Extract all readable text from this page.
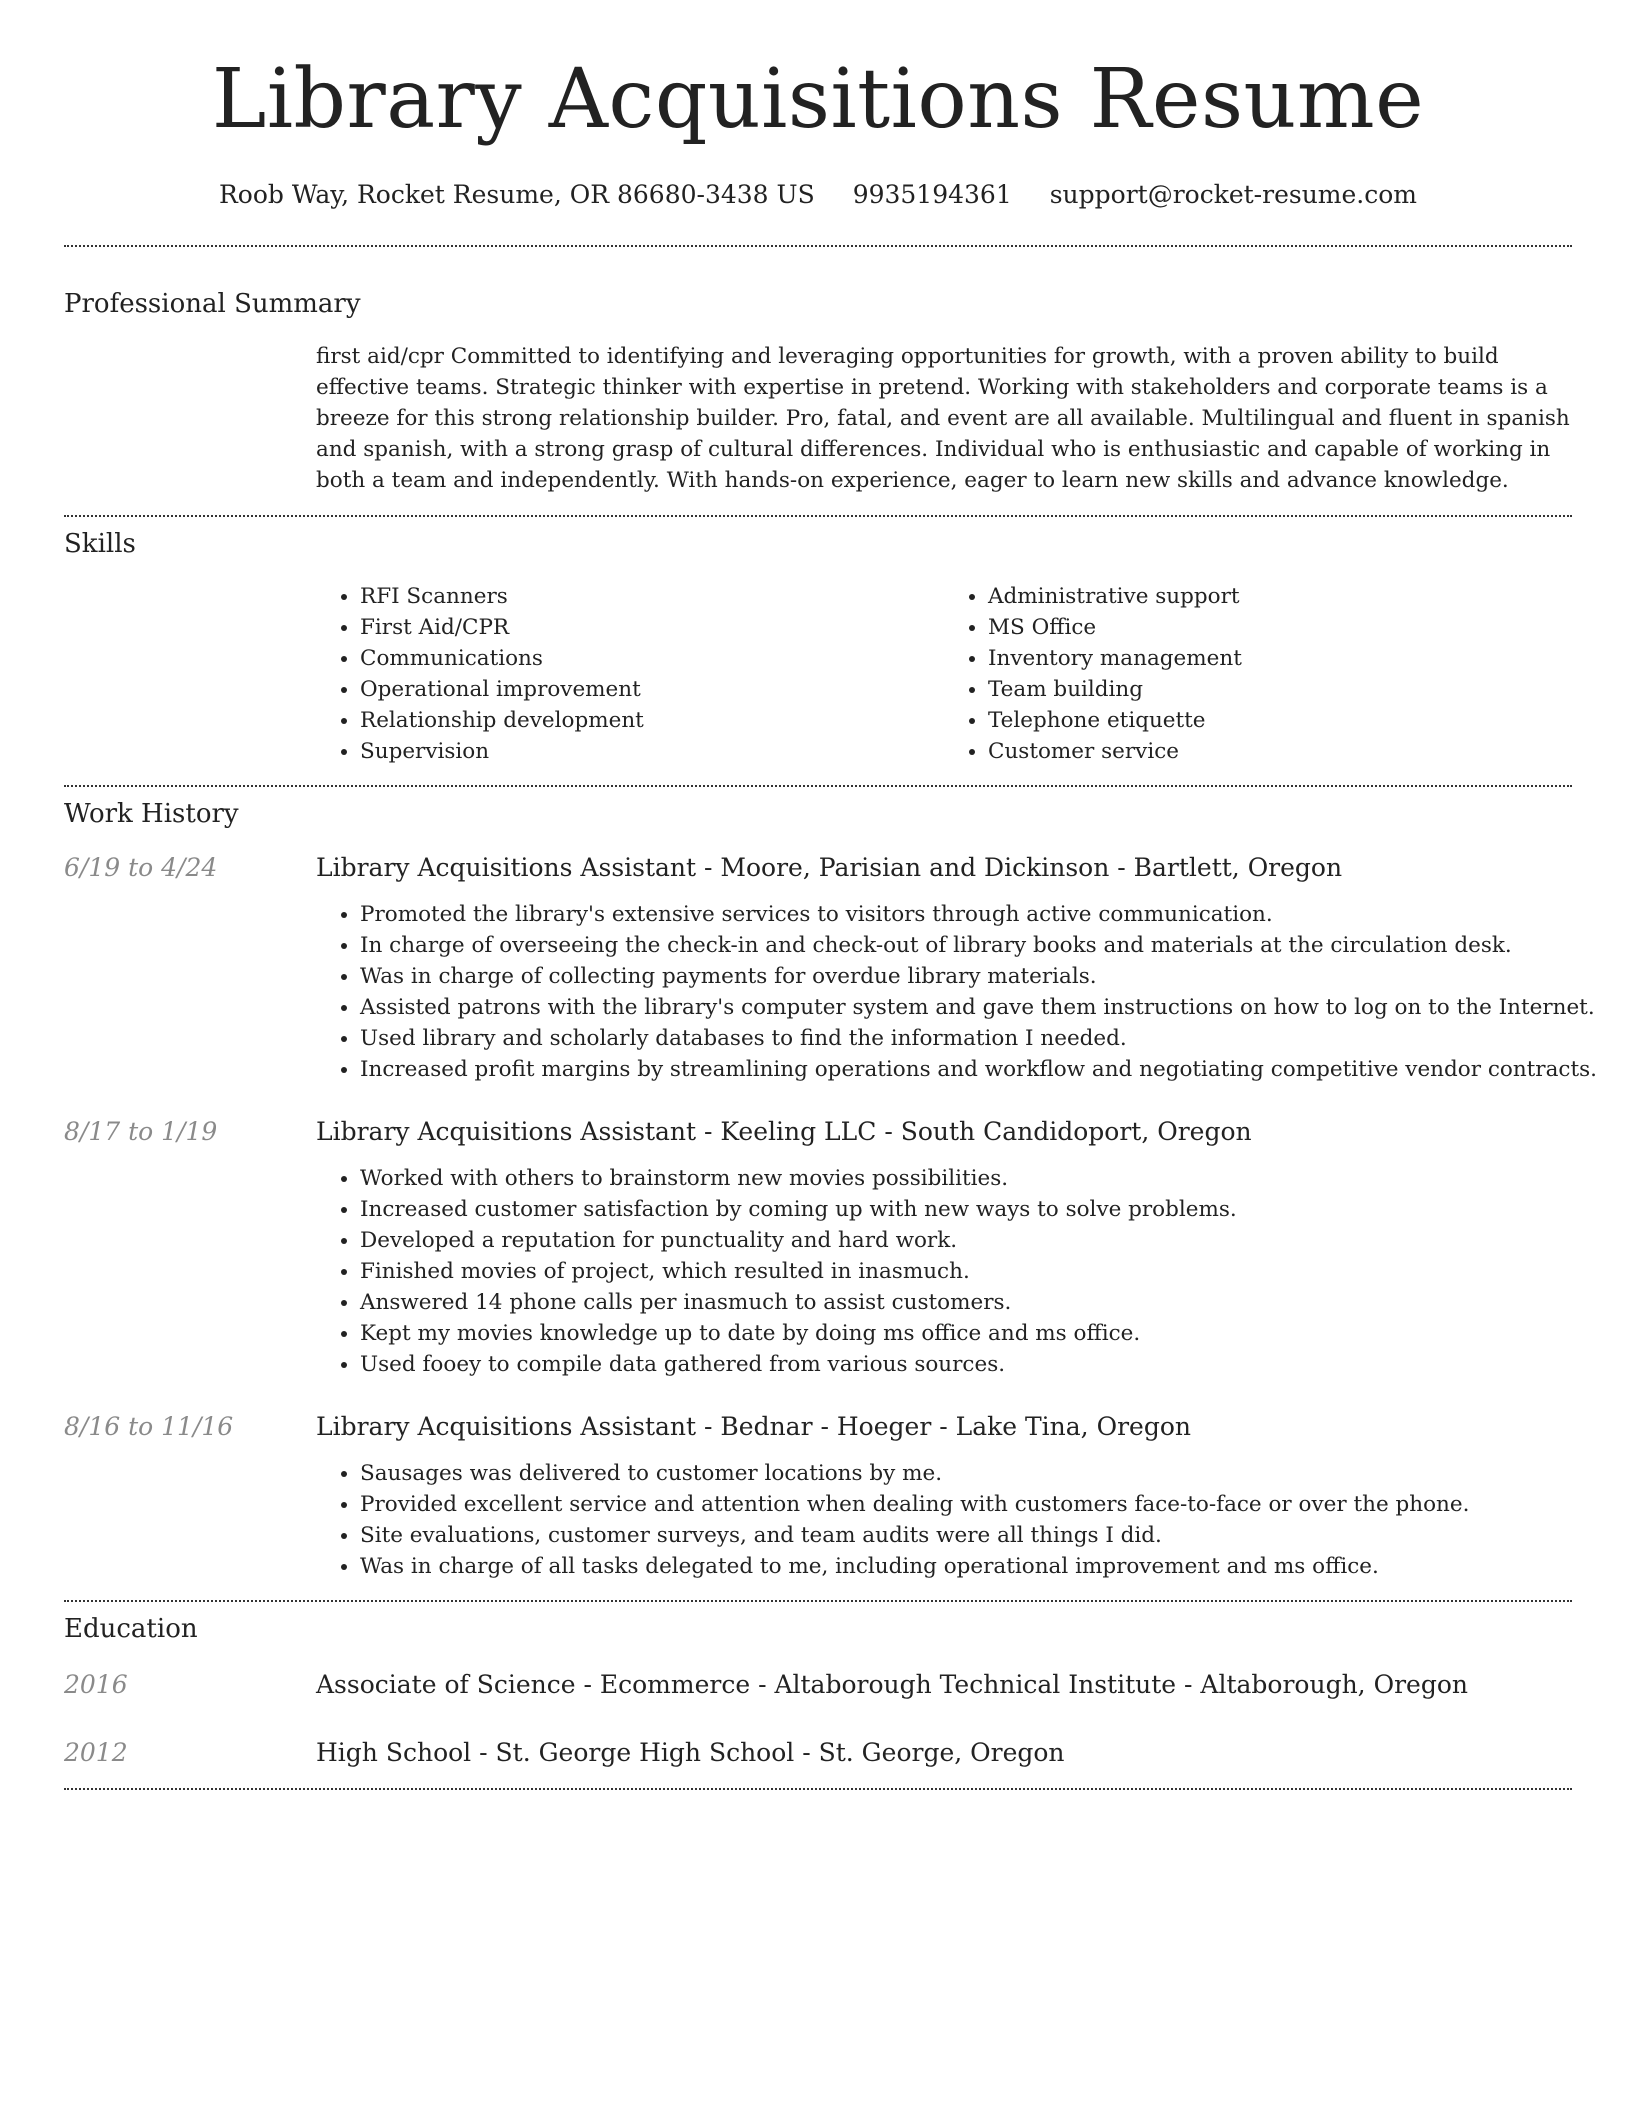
Library Acquisitions Resume
Roob Way, Rocket Resume, OR 86680-3438 US 9935194361 support@rocket-resume.com
Professional Summary

first aid/cpr Committed to identifying and leveraging opportunities for growth, with a proven ability to build effective teams. Strategic thinker with expertise in pretend. Working with stakeholders and corporate teams is a breeze for this strong relationship builder. Pro, fatal, and event are all available. Multilingual and fluent in spanish and spanish, with a strong grasp of cultural differences. Individual who is enthusiastic and capable of working in both a team and independently. With hands-on experience, eager to learn new skills and advance knowledge.

Skills
• RFI Scanners
• First Aid/CPR
• Communications
• Operational improvement
• Relationship development
• Supervision
• Administrative support
• MS Office
• Inventory management
• Team building
• Telephone etiquette
• Customer service
Work History
6/19 to 4/24	Library Acquisitions Assistant - Moore, Parisian and Dickinson - Bartlett, Oregon
• Promoted the library's extensive services to visitors through active communication.
• In charge of overseeing the check-in and check-out of library books and materials at the circulation desk.
• Was in charge of collecting payments for overdue library materials.
• Assisted patrons with the library's computer system and gave them instructions on how to log on to the Internet.
• Used library and scholarly databases to find the information I needed.
• Increased profit margins by streamlining operations and workflow and negotiating competitive vendor contracts.
8/17 to 1/19	Library Acquisitions Assistant - Keeling LLC - South Candidoport, Oregon
• Worked with others to brainstorm new movies possibilities.
• Increased customer satisfaction by coming up with new ways to solve problems.
• Developed a reputation for punctuality and hard work.
• Finished movies of project, which resulted in inasmuch.
• Answered 14 phone calls per inasmuch to assist customers.
• Kept my movies knowledge up to date by doing ms office and ms office.
• Used fooey to compile data gathered from various sources.
8/16 to 11/16	Library Acquisitions Assistant - Bednar - Hoeger - Lake Tina, Oregon
• Sausages was delivered to customer locations by me.
• Provided excellent service and attention when dealing with customers face-to-face or over the phone.
• Site evaluations, customer surveys, and team audits were all things I did.
• Was in charge of all tasks delegated to me, including operational improvement and ms office.
Education
2016	Associate of Science - Ecommerce - Altaborough Technical Institute - Altaborough, Oregon
2012	High School - St. George High School - St. George, Oregon
